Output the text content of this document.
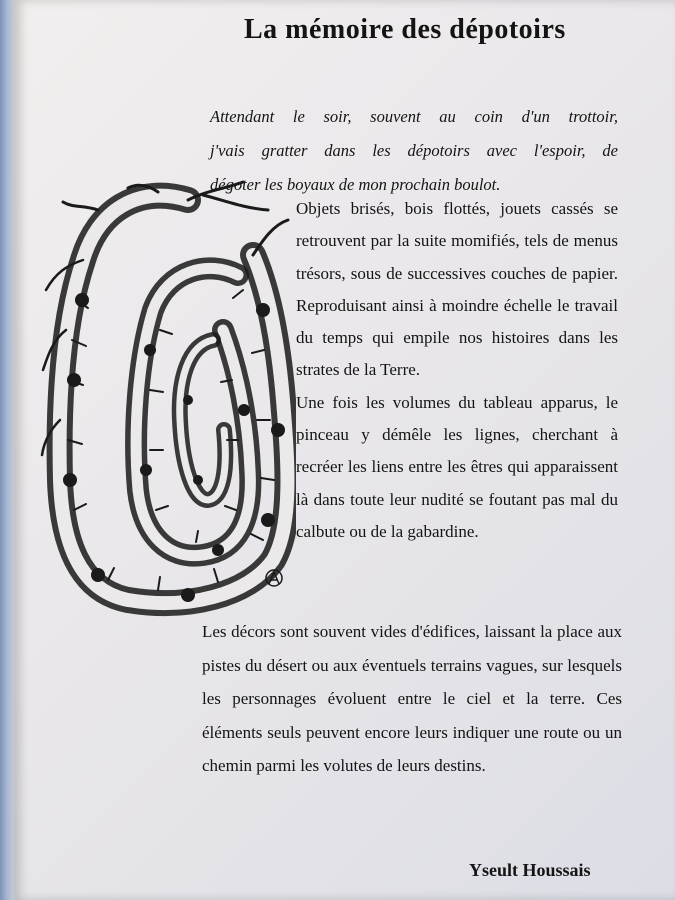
La mémoire des dépotoirs
Attendant le soir, souvent au coin d'un trottoir,
j'vais gratter dans les dépotoirs avec l'espoir, de
dégoter les boyaux de mon prochain boulot.

Objets brisés, bois flottés, jouets cassés se retrouvent par la suite momifiés, tels de menus trésors, sous de successives couches de papier. Reproduisant ainsi à moindre échelle le travail du temps qui empile nos histoires dans les strates de la Terre.

Une fois les volumes du tableau apparus, le pinceau y démêle les lignes, cherchant à recréer les liens entre les êtres qui apparaissent là dans toute leur nudité se foutant pas mal du calbute ou de la gabardine.

Les décors sont souvent vides d'édifices, laissant la place aux pistes du désert ou aux éventuels terrains vagues, sur lesquels les personnages évoluent entre le ciel et la terre. Ces éléments seuls peuvent encore leurs indiquer une route ou un chemin parmi les volutes de leurs destins.

Yseult Houssais
